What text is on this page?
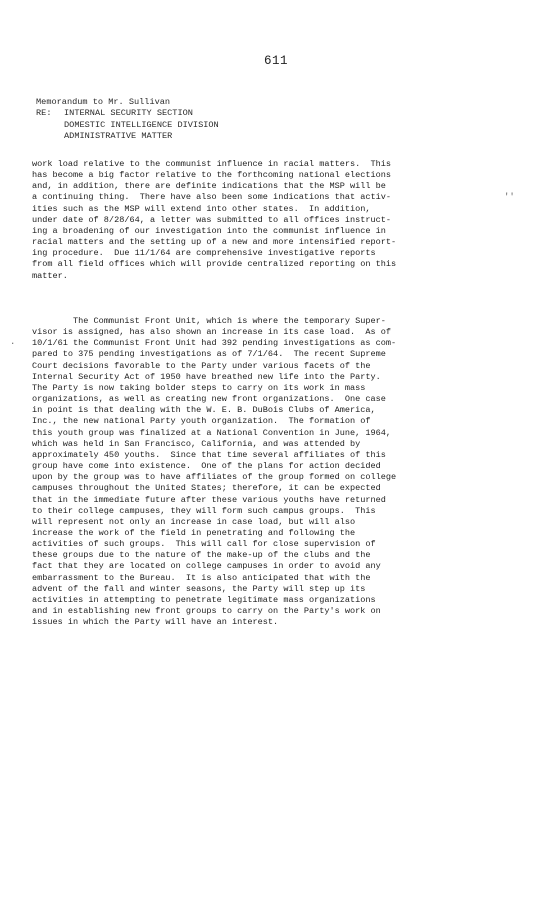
611
Memorandum to Mr. Sullivan
RE: INTERNAL SECURITY SECTION
DOMESTIC INTELLIGENCE DIVISION
ADMINISTRATIVE MATTER
work load relative to the communist influence in racial matters.  This
has become a big factor relative to the forthcoming national elections
and, in addition, there are definite indications that the MSP will be
a continuing thing.  There have also been some indications that activ-
ities such as the MSP will extend into other states.  In addition,
under date of 8/28/64, a letter was submitted to all offices instruct-
ing a broadening of our investigation into the communist influence in
racial matters and the setting up of a new and more intensified report-
ing procedure.  Due 11/1/64 are comprehensive investigative reports
from all field offices which will provide centralized reporting on this
matter.
The Communist Front Unit, which is where the temporary Super-
visor is assigned, has also shown an increase in its case load.  As of
10/1/61 the Communist Front Unit had 392 pending investigations as com-
pared to 375 pending investigations as of 7/1/64.  The recent Supreme
Court decisions favorable to the Party under various facets of the
Internal Security Act of 1950 have breathed new life into the Party.
The Party is now taking bolder steps to carry on its work in mass
organizations, as well as creating new front organizations.  One case
in point is that dealing with the W. E. B. DuBois Clubs of America,
Inc., the new national Party youth organization.  The formation of
this youth group was finalized at a National Convention in June, 1964,
which was held in San Francisco, California, and was attended by
approximately 450 youths.  Since that time several affiliates of this
group have come into existence.  One of the plans for action decided
upon by the group was to have affiliates of the group formed on college
campuses throughout the United States; therefore, it can be expected
that in the immediate future after these various youths have returned
to their college campuses, they will form such campus groups.  This
will represent not only an increase in case load, but will also
increase the work of the field in penetrating and following the
activities of such groups.  This will call for close supervision of
these groups due to the nature of the make-up of the clubs and the
fact that they are located on college campuses in order to avoid any
embarrassment to the Bureau.  It is also anticipated that with the
advent of the fall and winter seasons, the Party will step up its
activities in attempting to penetrate legitimate mass organizations
and in establishing new front groups to carry on the Party's work on
issues in which the Party will have an interest.
''
·
